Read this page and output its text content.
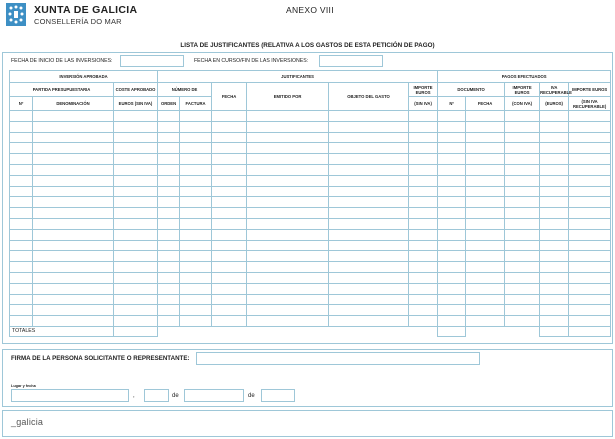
XUNTA DE GALICIA
CONSELLERÍA DO MAR
ANEXO VIII
LISTA DE JUSTIFICANTES (RELATIVA A LOS GASTOS DE ESTA PETICIÓN DE PAGO)
FECHA DE INICIO DE LAS INVERSIONES:	FECHA EN CURSO/FIN DE LAS INVERSIONES:
INVERSIÓN APROBADA			JUSTIFICANTES						PAGOS EFECTUADOS					
PARTIDA PRESUPUESTARIA		COSTE APROBADO	NÚMERO DE		FECHA	EMITIDO POR	OBJETO DEL GASTO	IMPORTE EUROS	DOCUMENTO		IMPORTE EUROS	IVA RECUPERABLE	IMPORTE EUROS	
Nº	DENOMINACIÓN	EUROS (SIN IVA)	ORDEN	FACTURA				(SIN IVA)	Nº	FECHA	(CON IVA)	(EUROS)	(SIN IVA RECUPERABLE)	

TOTALES														
FIRMA DE LA PERSONA SOLICITANTE O REPRESENTANTE:
Lugar y fecha
,	de	de
_galicia
